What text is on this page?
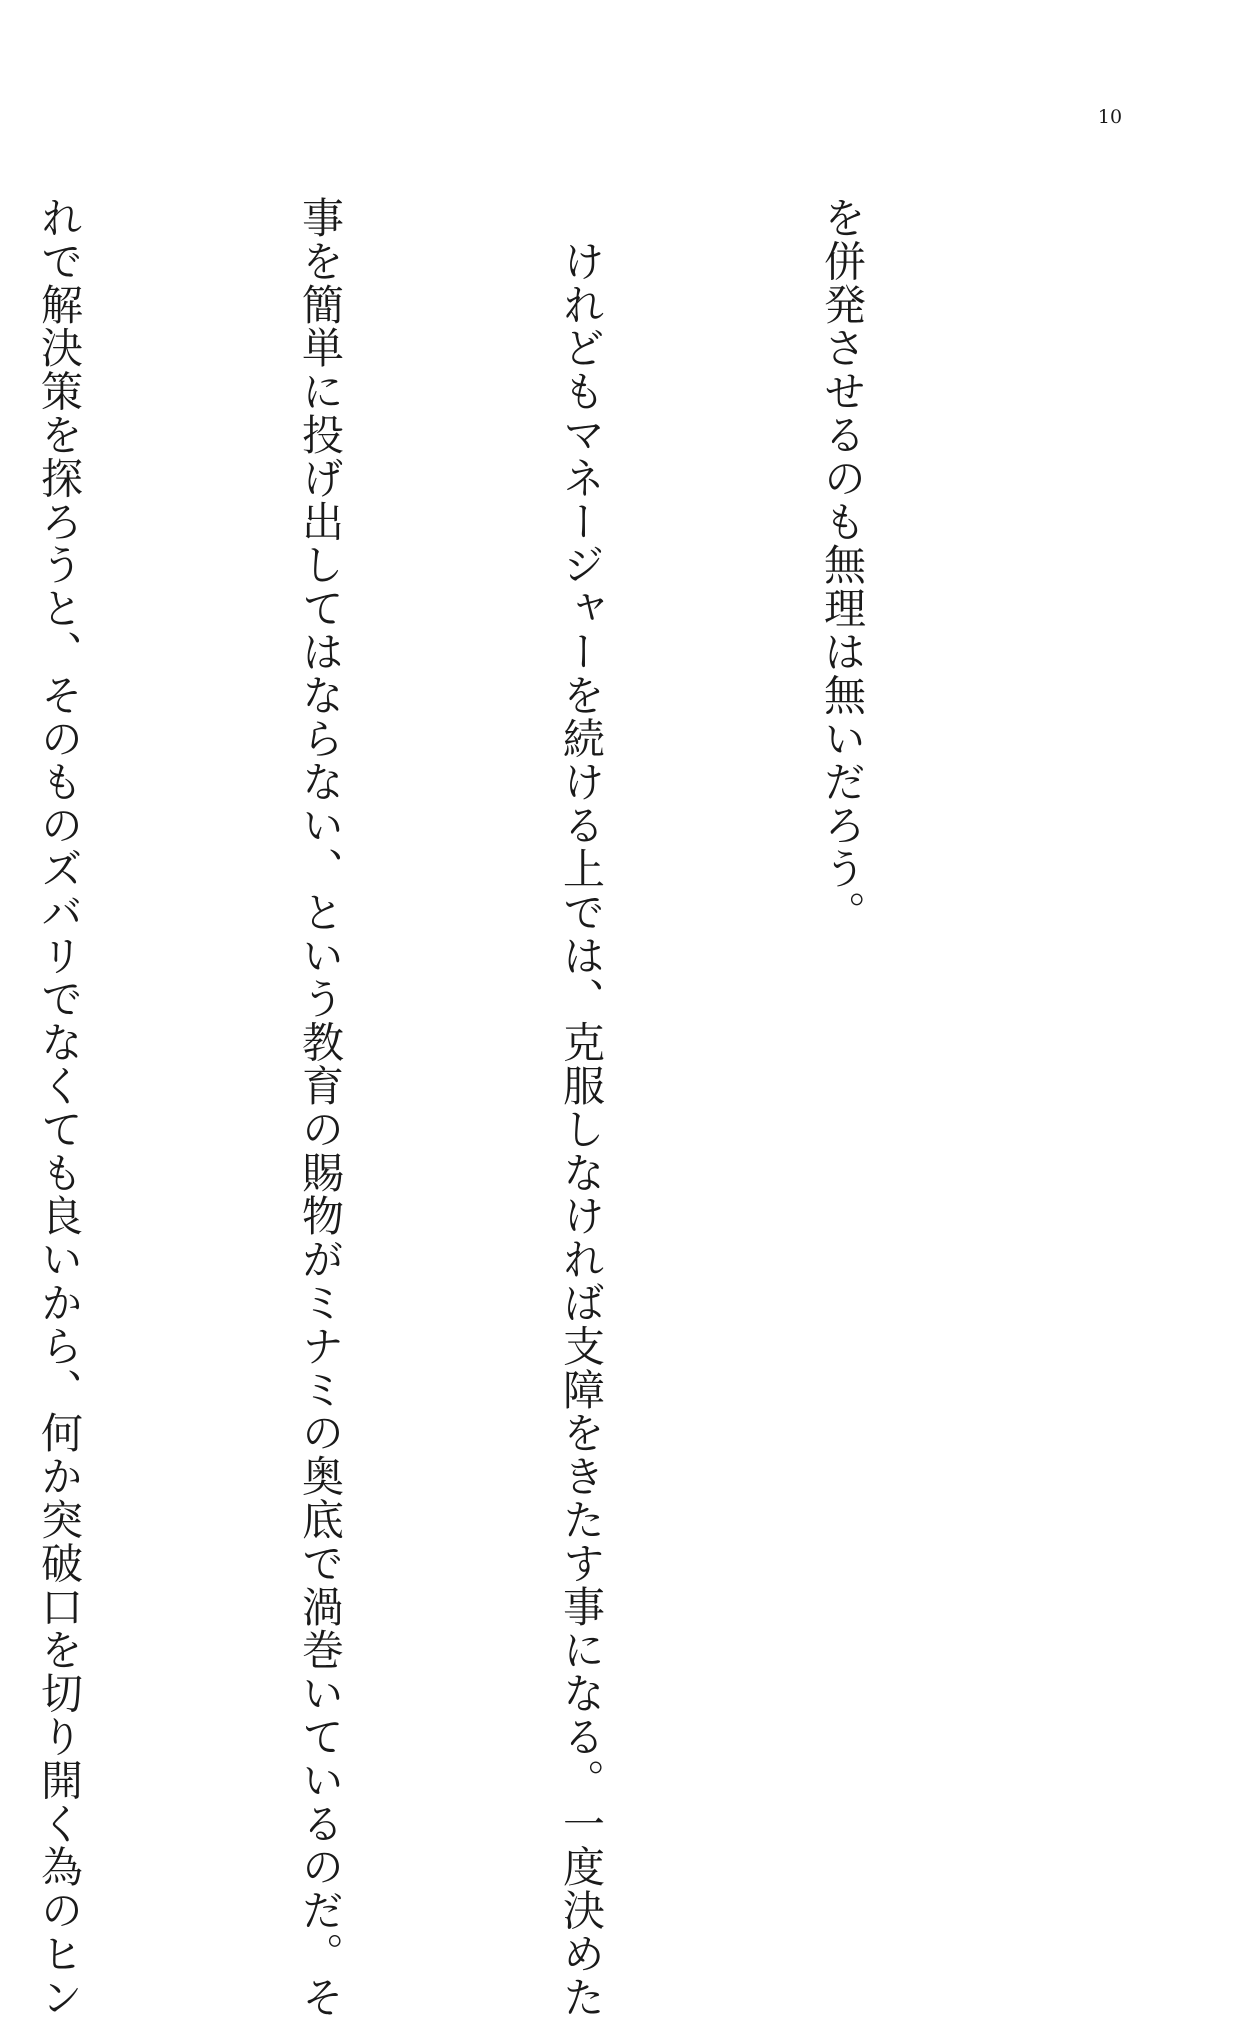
10

を併発させるのも無理は無いだろう。

　けれどもマネージャーを続ける上では、克服しなければ支障をきたす事になる。一度決めた

事を簡単に投げ出してはならない、という教育の賜物がミナミの奥底で渦巻いているのだ。そ

れで解決策を探ろうと、そのものズバリでなくても良いから、何か突破口を切り開く為のヒン
